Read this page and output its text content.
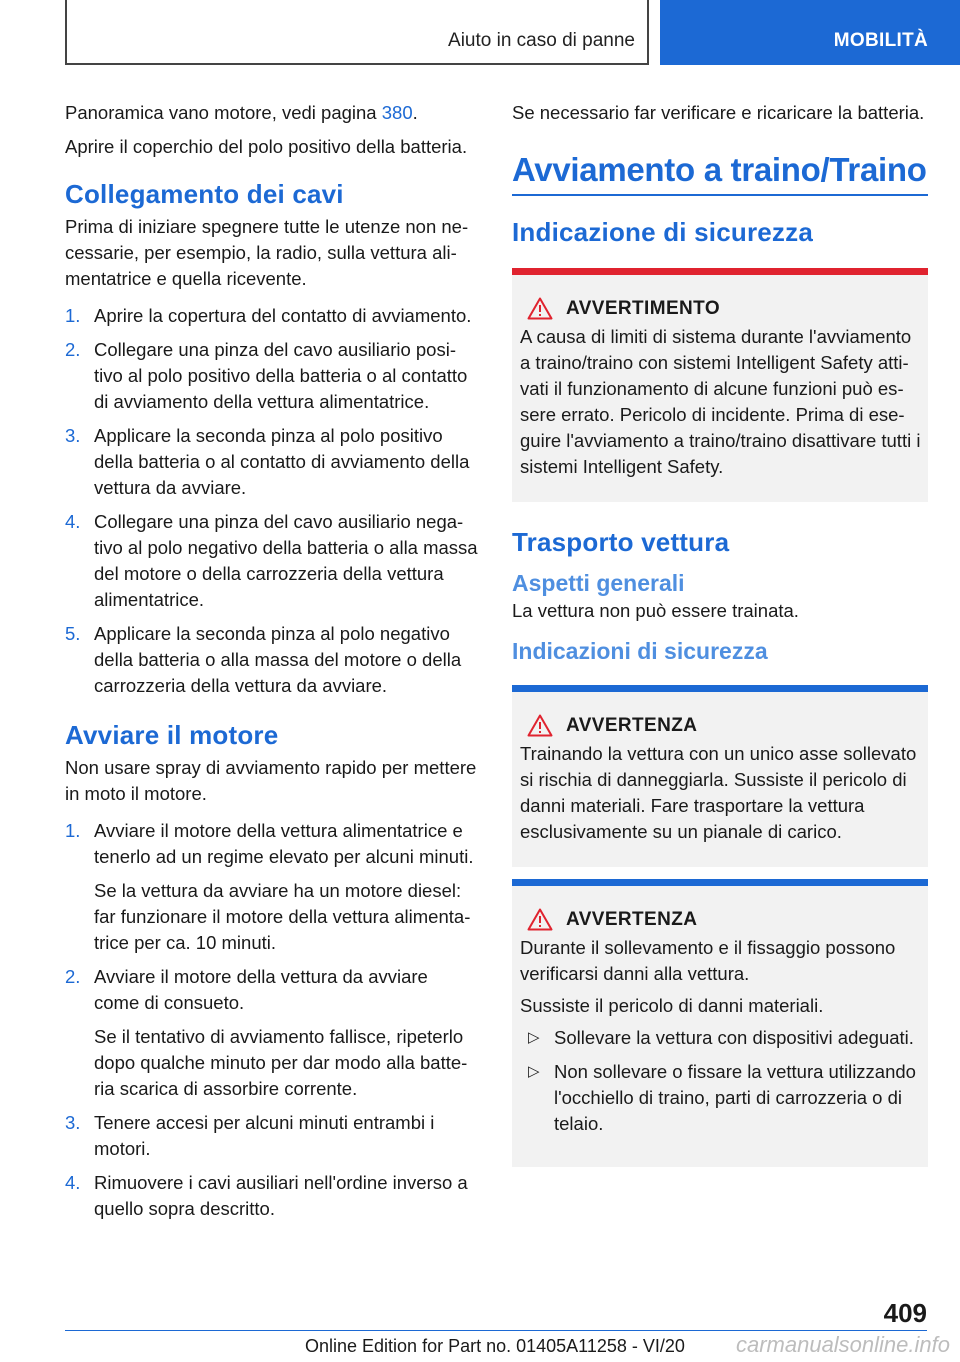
Aiuto in caso di panne	MOBILITÀ

Panoramica vano motore, vedi pagina 380.

Aprire il coperchio del polo positivo della batteria.

Collegamento dei cavi

Prima di iniziare spegnere tutte le utenze non necessarie, per esempio, la radio, sulla vettura alimentatrice e quella ricevente.

1. Aprire la copertura del contatto di avviamento.
2. Collegare una pinza del cavo ausiliario positivo al polo positivo della batteria o al contatto di avviamento della vettura alimentatrice.
3. Applicare la seconda pinza al polo positivo della batteria o al contatto di avviamento della vettura da avviare.
4. Collegare una pinza del cavo ausiliario negativo al polo negativo della batteria o alla massa del motore o della carrozzeria della vettura alimentatrice.
5. Applicare la seconda pinza al polo negativo della batteria o alla massa del motore o della carrozzeria della vettura da avviare.
Avviare il motore

Non usare spray di avviamento rapido per mettere in moto il motore.

1. Avviare il motore della vettura alimentatrice e tenerlo ad un regime elevato per alcuni minuti.
Se la vettura da avviare ha un motore diesel: far funzionare il motore della vettura alimentatrice per ca. 10 minuti.
2. Avviare il motore della vettura da avviare come di consueto.
Se il tentativo di avviamento fallisce, ripeterlo dopo qualche minuto per dar modo alla batteria scarica di assorbire corrente.
3. Tenere accesi per alcuni minuti entrambi i motori.
4. Rimuovere i cavi ausiliari nell'ordine inverso a quello sopra descritto.

Se necessario far verificare e ricaricare la batteria.

Avviamento a traino/Traino
Indicazione di sicurezza
AVVERTIMENTO

A causa di limiti di sistema durante l'avviamento a traino/traino con sistemi Intelligent Safety attivati il funzionamento di alcune funzioni può essere errato. Pericolo di incidente. Prima di eseguire l'avviamento a traino/traino disattivare tutti i sistemi Intelligent Safety.

Trasporto vettura
Aspetti generali

La vettura non può essere trainata.

Indicazioni di sicurezza
AVVERTENZA

Trainando la vettura con un unico asse sollevato si rischia di danneggiarla. Sussiste il pericolo di danni materiali. Fare trasportare la vettura esclusivamente su un pianale di carico.

AVVERTENZA

Durante il sollevamento e il fissaggio possono verificarsi danni alla vettura.

Sussiste il pericolo di danni materiali.

▷ Sollevare la vettura con dispositivi adeguati.
▷ Non sollevare o fissare la vettura utilizzando l'occhiello di traino, parti di carrozzeria o di telaio.
409
Online Edition for Part no. 01405A11258 - VI/20 carmanualsonline.info
